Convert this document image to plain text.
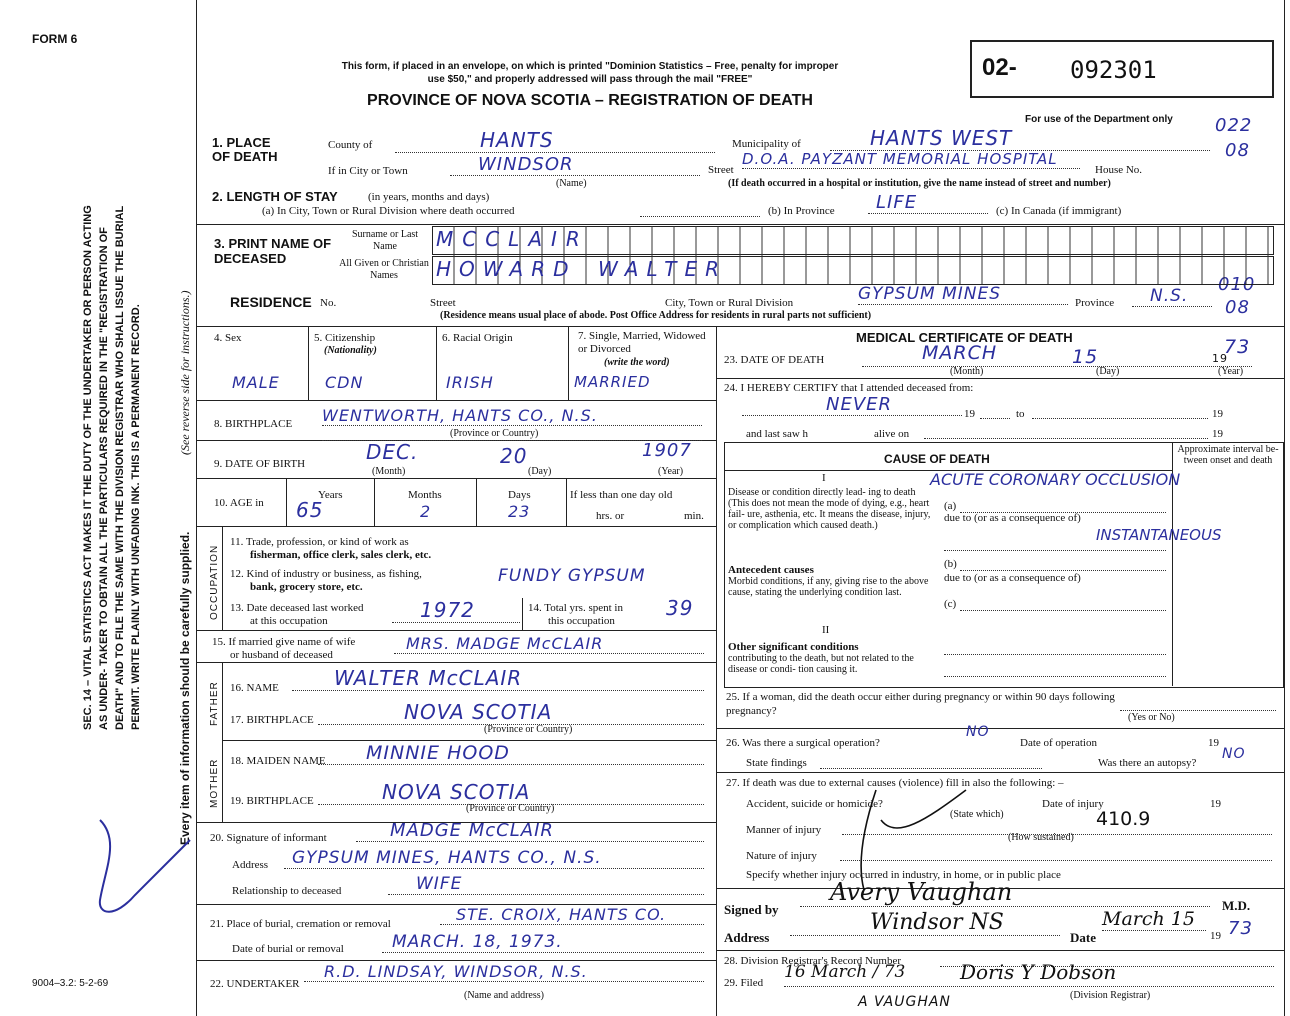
FORM 6
SEC. 14 – VITAL STATISTICS ACT MAKES IT THE DUTY OF THE UNDERTAKER OR PERSON ACTING AS UNDER- TAKER TO OBTAIN ALL THE PARTICULARS REQUIRED IN THE "REGISTRATION OF DEATH" AND TO FILE THE SAME WITH THE DIVISION REGISTRAR WHO SHALL ISSUE THE BURIAL PERMIT. WRITE PLAINLY WITH UNFADING INK. THIS IS A PERMANENT RECORD.	Every item of information should be carefully supplied.
(See reverse side for instructions.)
9004–3.2: 5-2-69
This form, if placed in an envelope, on which is printed "Dominion Statistics – Free, penalty for improper
use $50," and properly addressed will pass through the mail "FREE"
PROVINCE OF NOVA SCOTIA – REGISTRATION OF DEATH
02- 092301
For use of the Department only 022
08
010
08
1. PLACE OF DEATH
County of	HANTS	Municipality of	HANTS WEST
If in City or Town	WINDSOR
(Name)
Street
D.O.A. PAYZANT MEMORIAL HOSPITAL
House No.
(If death occurred in a hospital or institution, give the name instead of street and number)
2. LENGTH OF STAY	(in years, months and days)
(a) In City, Town or Rural Division where death occurred	(b) In Province	LIFE	(c) In Canada (if immigrant)
3. PRINT NAME OF DECEASED
Surname or Last Name
All Given or Christian Names
MCCLAIR
HOWARD WALTER
RESIDENCE No.	Street	City, Town or Rural Division	GYPSUM MINES	Province	N.S.
(Residence means usual place of abode. Post Office Address for residents in rural parts not sufficient)
4. Sex
MALE
5. Citizenship
(Nationality)
CDN
6. Racial Origin
IRISH
7. Single, Married, Widowed or Divorced
(write the word)
MARRIED
8. BIRTHPLACE WENTWORTH, HANTS CO., N.S.
(Province or Country)
9. DATE OF BIRTH	DEC.	20	1907
(Month)	(Day)	(Year)
10. AGE in
Years	Months	Days	If less than one day old
hrs. or	min.
65	2	23
OCCUPATION
11. Trade, profession, or kind of work as
fisherman, office clerk, sales clerk, etc.
12. Kind of industry or business, as fishing,
bank, grocery store, etc.
FUNDY GYPSUM
13. Date deceased last worked
at this occupation	1972	14. Total yrs. spent in
this occupation
39
15. If married give name of wife
or husband of deceased
MRS. MADGE McCLAIR
FATHER
MOTHER
16. NAME	WALTER McCLAIR
17. BIRTHPLACE	NOVA SCOTIA
(Province or Country)
18. MAIDEN NAME	MINNIE HOOD
19. BIRTHPLACE	NOVA SCOTIA
(Province or Country)
20. Signature of informant	MADGE McCLAIR
Address	GYPSUM MINES, HANTS CO., N.S.
Relationship to deceased	WIFE
21. Place of burial, cremation or removal	STE. CROIX, HANTS CO.
Date of burial or removal	MARCH. 18, 1973.
22. UNDERTAKER
R.D. LINDSAY, WINDSOR, N.S.
(Name and address)
MEDICAL CERTIFICATE OF DEATH
23. DATE OF DEATH	MARCH	15	19
73
(Month)	(Day)	(Year)
24. I HEREBY CERTIFY that I attended deceased from:
NEVER	19	to	19
and last saw h	alive on	19
CAUSE OF DEATH
Approximate interval be- tween onset and death
I
Disease or condition directly lead- ing to death (This does not mean the mode of dying, e.g., heart fail- ure, asthenia, etc. It means the disease, injury, or complication which caused death.)
(a)
ACUTE CORONARY OCCLUSION
due to (or as a consequence of)
INSTANTANEOUS
Antecedent causes
Morbid conditions, if any, giving rise to the above cause, stating the underlying condition last.
(b)
due to (or as a consequence of)
(c)
II
Other significant conditions
contributing to the death, but not related to the disease or condi- tion causing it.
25. If a woman, did the death occur either during pregnancy or within 90 days following pregnancy?
(Yes or No)
26. Was there a surgical operation?
NO
Date of operation	19
State findings	Was there an autopsy?
NO
27. If death was due to external causes (violence) fill in also the following: –
Accident, suicide or homicide?
(State which)
Date of injury	19
Manner of injury	410.9
(How sustained)
Nature of injury
Specify whether injury occurred in industry, in home, or in public place
Signed by
Avery Vaughan	M.D.
Address
Windsor NS
Date
March 15
19 73
28. Division Registrar's Record Number
29. Filed
16 March / 73	Doris Y Dobson
(Division Registrar)
A VAUGHAN
